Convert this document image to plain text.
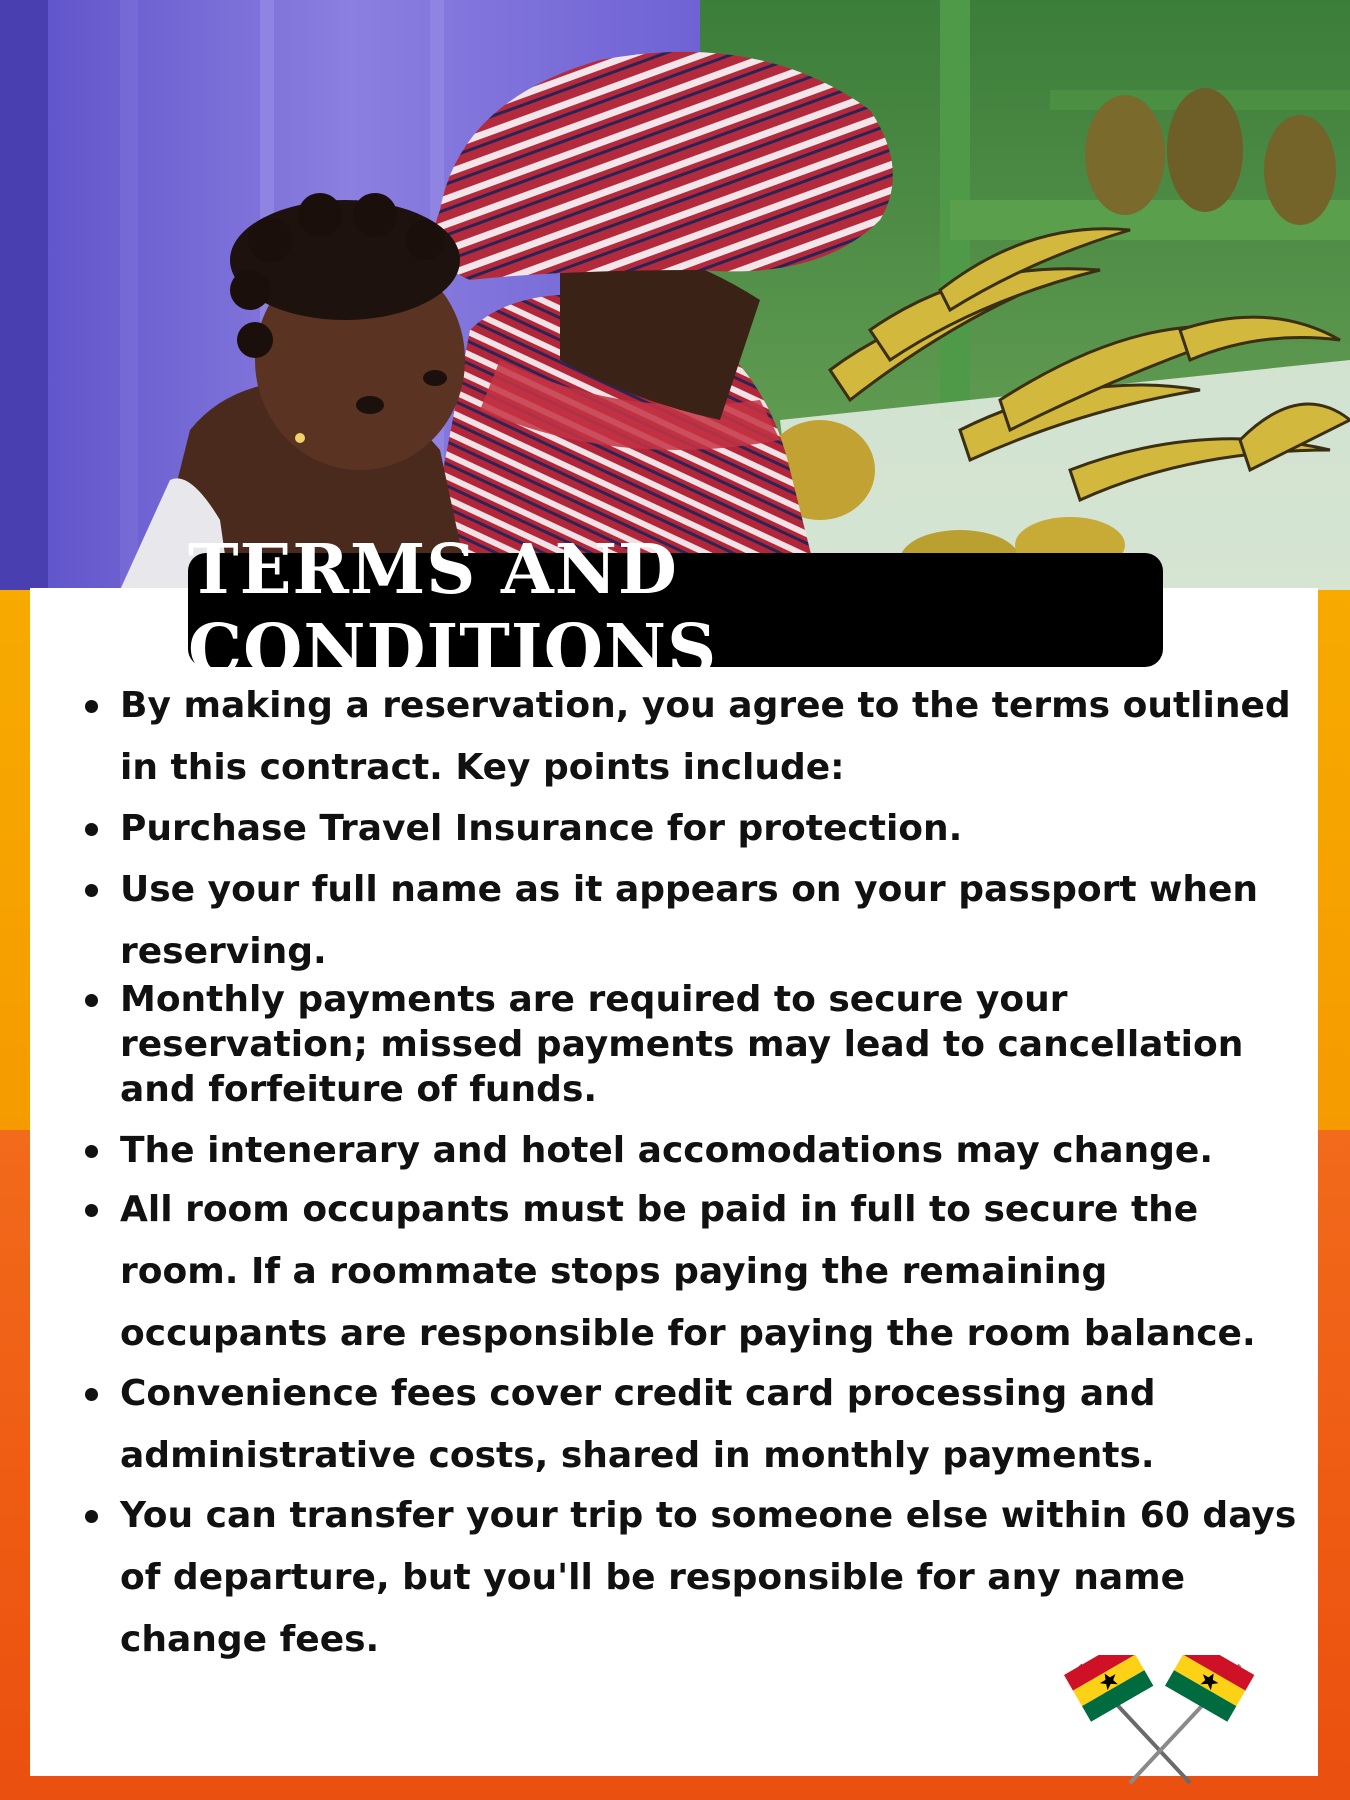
TERMS AND CONDITIONS
By making a reservation, you agree to the terms outlined in this contract. Key points include:
Purchase Travel Insurance for protection.
Use your full name as it appears on your passport when reserving.
Monthly payments are required to secure your reservation; missed payments may lead to cancellation and forfeiture of funds.
The intenerary and hotel accomodations may change.
All room occupants must be paid in full to secure the room. If a roommate stops paying the remaining occupants are responsible for paying the room balance.
Convenience fees cover credit card processing and administrative costs, shared in monthly payments.
You can transfer your trip to someone else within 60 days of departure, but you'll be responsible for any name change fees.
